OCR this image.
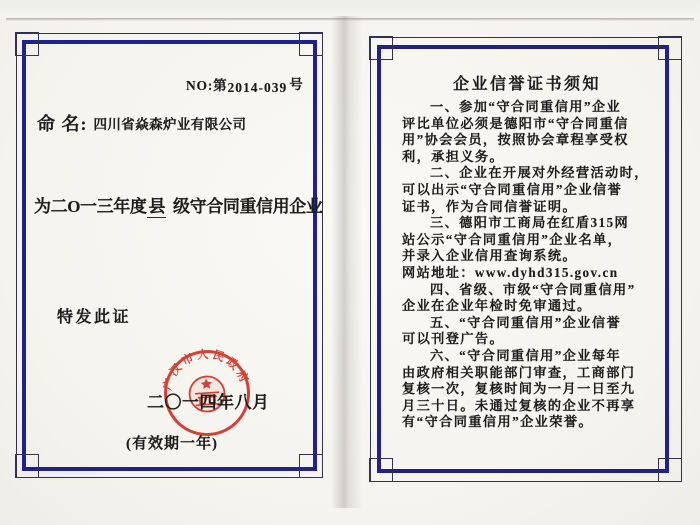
NO:第2014-039 号
命 名: 四川省焱森炉业有限公司
为二O一三年度 县 级守合同重信用企业
特发此证
广汉市人民政府
二〇一四年八月
(有效期一年)
企业信誉证书须知
一、参加“守合同重信用”企业
评比单位必须是德阳市“守合同重信
用”协会会员，按照协会章程享受权
利，承担义务。
二、企业在开展对外经营活动时，
可以出示“守合同重信用”企业信誉
证书，作为合同信誉证明。
三、德阳市工商局在红盾315网
站公示“守合同重信用”企业名单，
并录入企业信用查询系统。
网站地址：www.dyhd315.gov.cn
四、省级、市级“守合同重信用”
企业在企业年检时免审通过。
五、“守合同重信用”企业信誉
可以刊登广告。
六、“守合同重信用”企业每年
由政府相关职能部门审查，工商部门
复核一次，复核时间为一月一日至九
月三十日。未通过复核的企业不再享
有“守合同重信用”企业荣誉。
